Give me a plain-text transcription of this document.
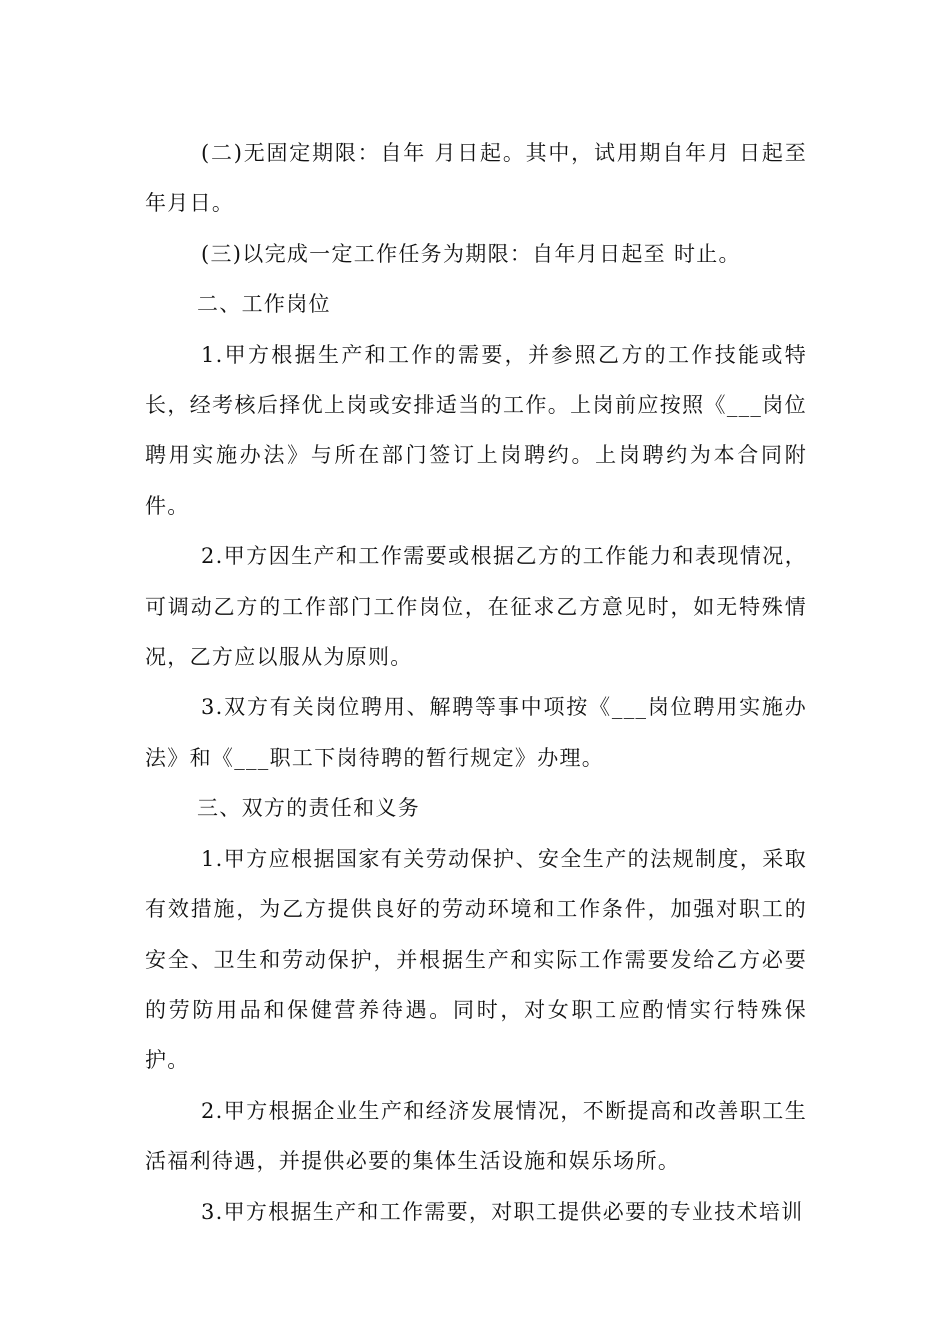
(二)无固定期限：自年 月日起。其中，试用期自年月 日起至年月日。

(三)以完成一定工作任务为期限：自年月日起至 时止。

二、工作岗位

1.甲方根据生产和工作的需要，并参照乙方的工作技能或特长，经考核后择优上岗或安排适当的工作。上岗前应按照《___岗位聘用实施办法》与所在部门签订上岗聘约。上岗聘约为本合同附件。

2.甲方因生产和工作需要或根据乙方的工作能力和表现情况，可调动乙方的工作部门工作岗位，在征求乙方意见时，如无特殊情况，乙方应以服从为原则。

3.双方有关岗位聘用、解聘等事中项按《___岗位聘用实施办法》和《___职工下岗待聘的暂行规定》办理。

三、双方的责任和义务

1.甲方应根据国家有关劳动保护、安全生产的法规制度，采取有效措施，为乙方提供良好的劳动环境和工作条件，加强对职工的安全、卫生和劳动保护，并根据生产和实际工作需要发给乙方必要的劳防用品和保健营养待遇。同时，对女职工应酌情实行特殊保护。

2.甲方根据企业生产和经济发展情况，不断提高和改善职工生活福利待遇，并提供必要的集体生活设施和娱乐场所。

3.甲方根据生产和工作需要，对职工提供必要的专业技术培训
